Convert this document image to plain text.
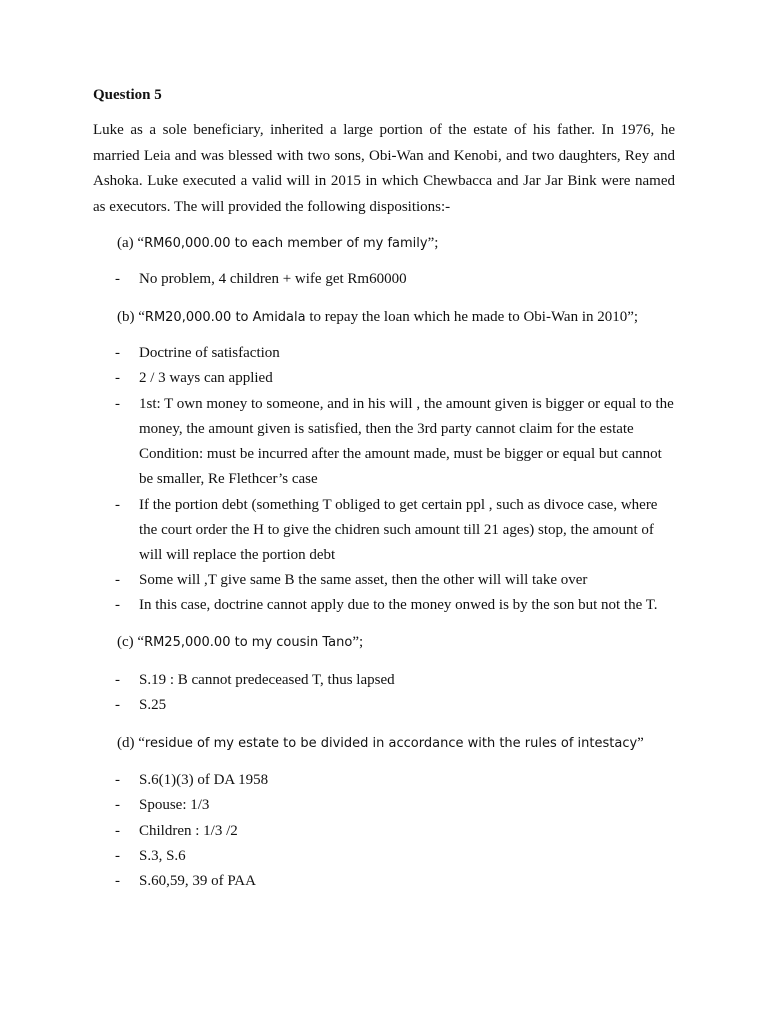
Question 5

Luke as a sole beneficiary, inherited a large portion of the estate of his father. In 1976, he married Leia and was blessed with two sons, Obi-Wan and Kenobi, and two daughters, Rey and Ashoka. Luke executed a valid will in 2015 in which Chewbacca and Jar Jar Bink were named as executors. The will provided the following dispositions:-

(a) “RM60,000.00 to each member of my family”;
- No problem, 4 children + wife get Rm60000
(b) “RM20,000.00 to Amidala to repay the loan which he made to Obi-Wan in 2010”;
- Doctrine of satisfaction
- 2 / 3 ways can applied
- 1st: T own money to someone, and in his will , the amount given is bigger or equal to the money, the amount given is satisfied, then the 3rd party cannot claim for the estate

Condition: must be incurred after the amount made, must be bigger or equal but cannot
be smaller, Re Flethcer’s case
- If the portion debt (something T obliged to get certain ppl , such as divoce case, where the court order the H to give the chidren such amount till 21 ages) stop, the amount of will will replace the portion debt

- Some will ,T give same B the same asset, then the other will will take over
- In this case, doctrine cannot apply due to the money onwed is by the son but not the T.
(c) “RM25,000.00 to my cousin Tano”;
- S.19 : B cannot predeceased T, thus lapsed
- S.25
(d) “residue of my estate to be divided in accordance with the rules of intestacy”
- S.6(1)(3) of DA 1958
- Spouse: 1/3
- Children : 1/3 /2
- S.3, S.6
- S.60,59, 39 of PAA
